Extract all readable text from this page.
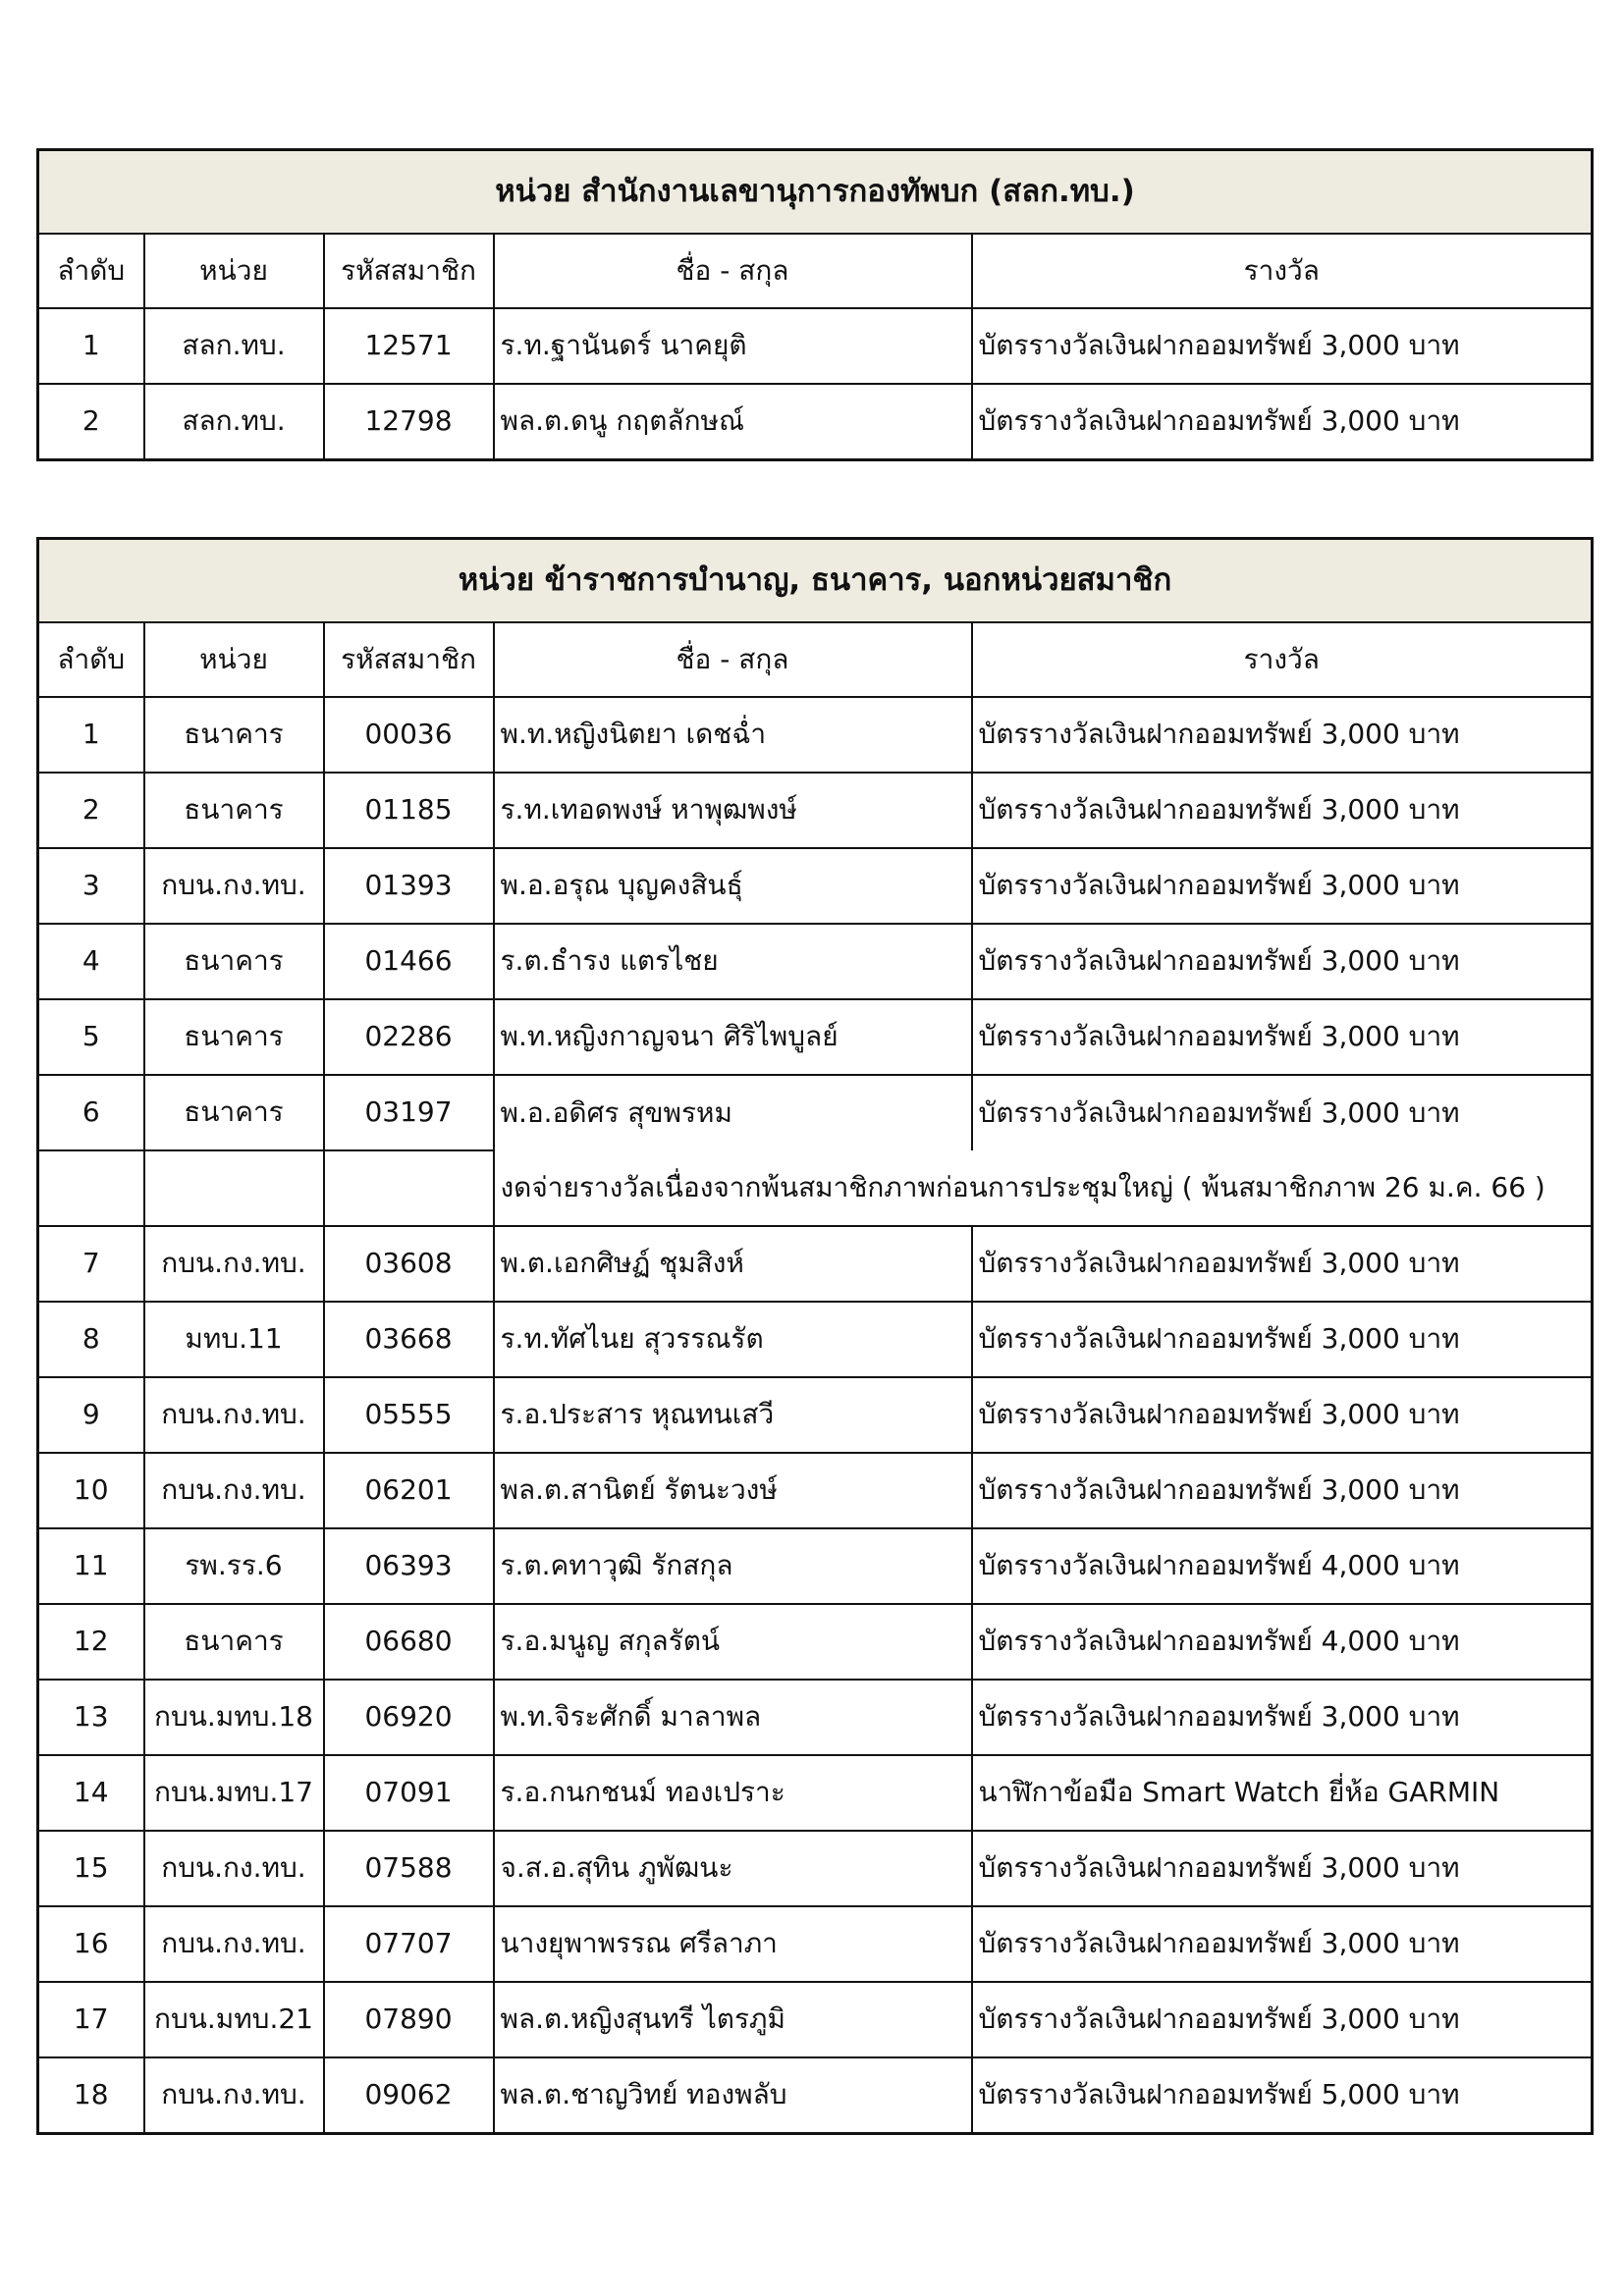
หน่วย สำนักงานเลขานุการกองทัพบก (สลก.ทบ.)				
ลำดับ	หน่วย	รหัสสมาชิก	ชื่อ - สกุล	รางวัล
1	สลก.ทบ.	12571	ร.ท.ฐานันดร์ นาคยุติ	บัตรรางวัลเงินฝากออมทรัพย์ 3,000 บาท
2	สลก.ทบ.	12798	พล.ต.ดนู กฤตลักษณ์	บัตรรางวัลเงินฝากออมทรัพย์ 3,000 บาท
หน่วย ข้าราชการบำนาญ, ธนาคาร, นอกหน่วยสมาชิก				
ลำดับ	หน่วย	รหัสสมาชิก	ชื่อ - สกุล	รางวัล
1	ธนาคาร	00036	พ.ท.หญิงนิตยา เดชฉ่ำ	บัตรรางวัลเงินฝากออมทรัพย์ 3,000 บาท
2	ธนาคาร	01185	ร.ท.เทอดพงษ์ หาพุฒพงษ์	บัตรรางวัลเงินฝากออมทรัพย์ 3,000 บาท
3	กบน.กง.ทบ.	01393	พ.อ.อรุณ บุญคงสินธุ์	บัตรรางวัลเงินฝากออมทรัพย์ 3,000 บาท
4	ธนาคาร	01466	ร.ต.ธำรง แตรไชย	บัตรรางวัลเงินฝากออมทรัพย์ 3,000 บาท
5	ธนาคาร	02286	พ.ท.หญิงกาญจนา ศิริไพบูลย์	บัตรรางวัลเงินฝากออมทรัพย์ 3,000 บาท
6	ธนาคาร	03197	พ.อ.อดิศร สุขพรหม	บัตรรางวัลเงินฝากออมทรัพย์ 3,000 บาท
			งดจ่ายรางวัลเนื่องจากพ้นสมาชิกภาพก่อนการประชุมใหญ่ ( พ้นสมาชิกภาพ 26 ม.ค. 66 )	
7	กบน.กง.ทบ.	03608	พ.ต.เอกศิษฏ์ ชุมสิงห์	บัตรรางวัลเงินฝากออมทรัพย์ 3,000 บาท
8	มทบ.11	03668	ร.ท.ทัศไนย สุวรรณรัต	บัตรรางวัลเงินฝากออมทรัพย์ 3,000 บาท
9	กบน.กง.ทบ.	05555	ร.อ.ประสาร หุณทนเสวี	บัตรรางวัลเงินฝากออมทรัพย์ 3,000 บาท
10	กบน.กง.ทบ.	06201	พล.ต.สานิตย์ รัตนะวงษ์	บัตรรางวัลเงินฝากออมทรัพย์ 3,000 บาท
11	รพ.รร.6	06393	ร.ต.คทาวุฒิ รักสกุล	บัตรรางวัลเงินฝากออมทรัพย์ 4,000 บาท
12	ธนาคาร	06680	ร.อ.มนูญ สกุลรัตน์	บัตรรางวัลเงินฝากออมทรัพย์ 4,000 บาท
13	กบน.มทบ.18	06920	พ.ท.จิระศักดิ์ มาลาพล	บัตรรางวัลเงินฝากออมทรัพย์ 3,000 บาท
14	กบน.มทบ.17	07091	ร.อ.กนกชนม์ ทองเปราะ	นาฬิกาข้อมือ Smart Watch ยี่ห้อ GARMIN
15	กบน.กง.ทบ.	07588	จ.ส.อ.สุทิน ภูพัฒนะ	บัตรรางวัลเงินฝากออมทรัพย์ 3,000 บาท
16	กบน.กง.ทบ.	07707	นางยุพาพรรณ ศรีลาภา	บัตรรางวัลเงินฝากออมทรัพย์ 3,000 บาท
17	กบน.มทบ.21	07890	พล.ต.หญิงสุนทรี ไตรภูมิ	บัตรรางวัลเงินฝากออมทรัพย์ 3,000 บาท
18	กบน.กง.ทบ.	09062	พล.ต.ชาญวิทย์ ทองพลับ	บัตรรางวัลเงินฝากออมทรัพย์ 5,000 บาท
